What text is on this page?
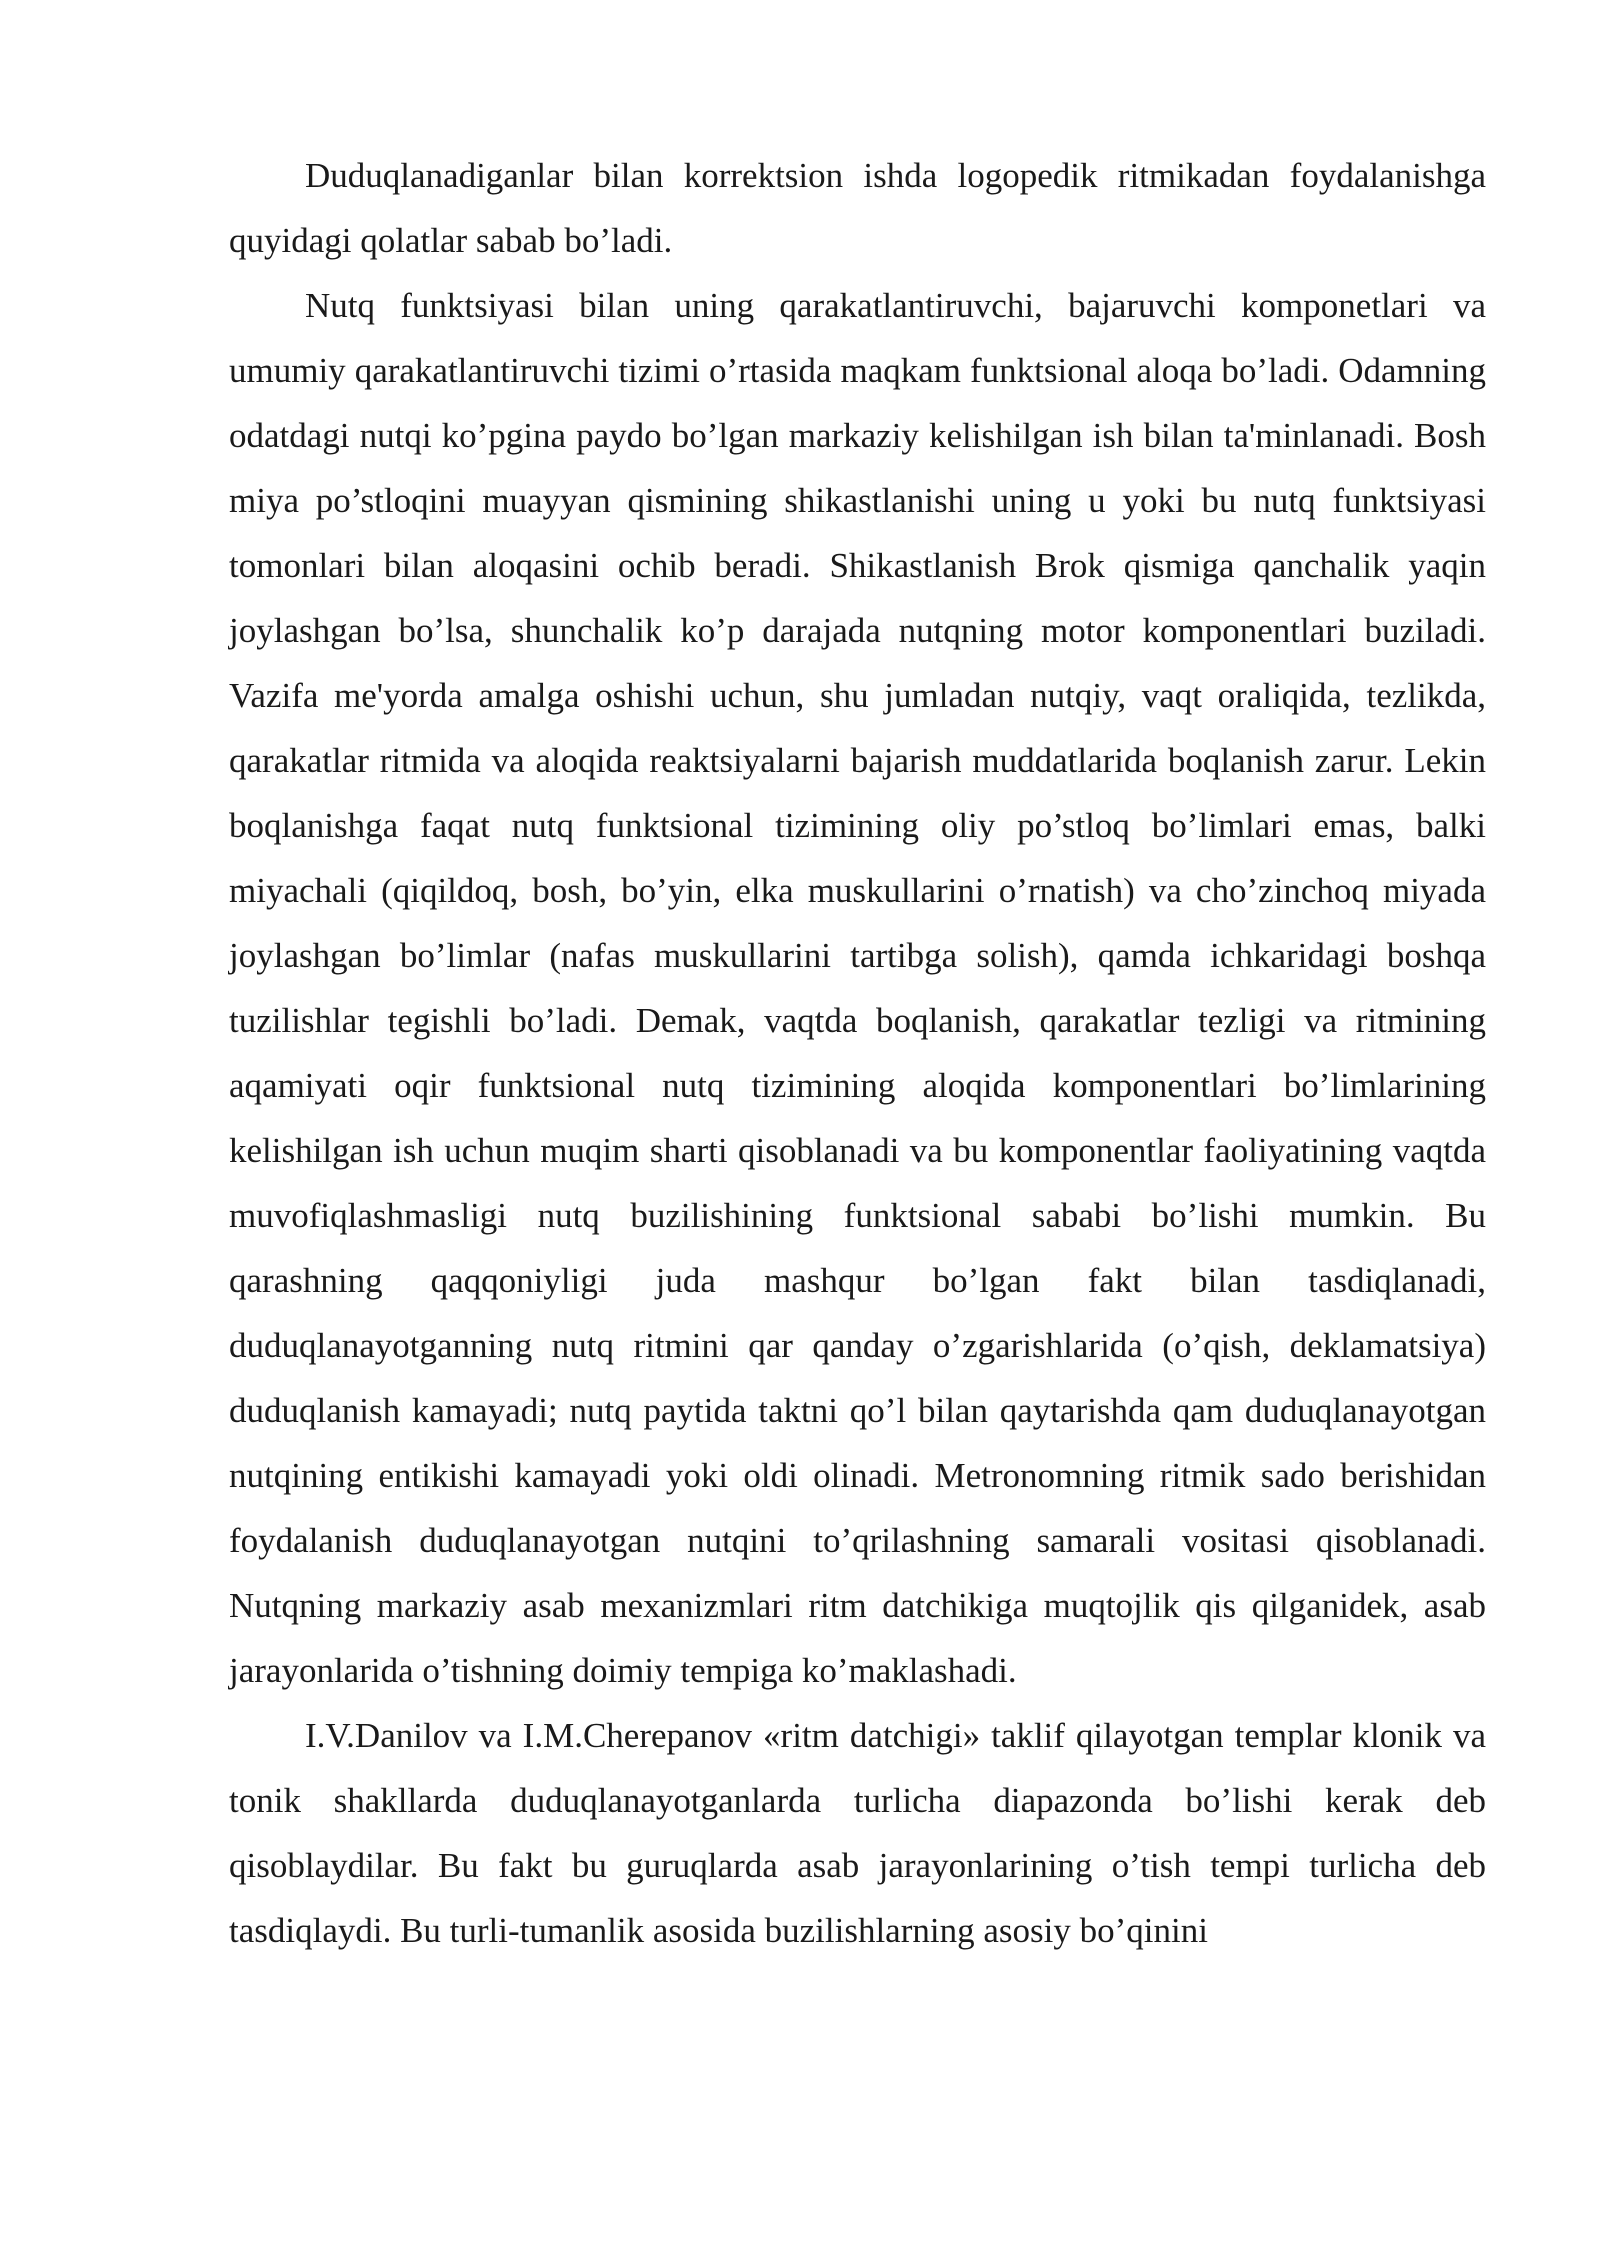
Duduqlanadiganlar bilan korrektsion ishda logopedik ritmikadan foydalanishga quyidagi qolatlar sabab bo’ladi.

Nutq funktsiyasi bilan uning qarakatlantiruvchi, bajaruvchi komponetlari va umumiy qarakatlantiruvchi tizimi o’rtasida maqkam funktsional aloqa bo’ladi. Odamning odatdagi nutqi ko’pgina paydo bo’lgan markaziy kelishilgan ish bilan ta'minlanadi. Bosh miya po’stloqini muayyan qismining shikastlanishi uning u yoki bu nutq funktsiyasi tomonlari bilan aloqasini ochib beradi. Shikastlanish Brok qismiga qanchalik yaqin joylashgan bo’lsa, shunchalik ko’p darajada nutqning motor komponentlari buziladi. Vazifa me'yorda amalga oshishi uchun, shu jumladan nutqiy, vaqt oraliqida, tezlikda, qarakatlar ritmida va aloqida reaktsiyalarni bajarish muddatlarida boqlanish zarur. Lekin boqlanishga faqat nutq funktsional tizimining oliy po’stloq bo’limlari emas, balki miyachali (qiqildoq, bosh, bo’yin, elka muskullarini o’rnatish) va cho’zinchoq miyada joylashgan bo’limlar (nafas muskullarini tartibga solish), qamda ichkaridagi boshqa tuzilishlar tegishli bo’ladi. Demak, vaqtda boqlanish, qarakatlar tezligi va ritmining aqamiyati oqir funktsional nutq tizimining aloqida komponentlari bo’limlarining kelishilgan ish uchun muqim sharti qisoblanadi va bu komponentlar faoliyatining vaqtda muvofiqlashmasligi nutq buzilishining funktsional sababi bo’lishi mumkin. Bu qarashning qaqqoniyligi juda mashqur bo’lgan fakt bilan tasdiqlanadi, duduqlanayotganning nutq ritmini qar qanday o’zgarishlarida (o’qish, deklamatsiya) duduqlanish kamayadi; nutq paytida taktni qo’l bilan qaytarishda qam duduqlanayotgan nutqining entikishi kamayadi yoki oldi olinadi. Metronomning ritmik sado berishidan foydalanish duduqlanayotgan nutqini to’qrilashning samarali vositasi qisoblanadi. Nutqning markaziy asab mexanizmlari ritm datchikiga muqtojlik qis qilganidek, asab jarayonlarida o’tishning doimiy tempiga ko’maklashadi.

I.V.Danilov va I.M.Cherepanov «ritm datchigi» taklif qilayotgan templar klonik va tonik shakllarda duduqlanayotganlarda turlicha diapazonda bo’lishi kerak deb qisoblaydilar. Bu fakt bu guruqlarda asab jarayonlarining o’tish tempi turlicha deb tasdiqlaydi. Bu turli-tumanlik asosida buzilishlarning asosiy bo’qinini
